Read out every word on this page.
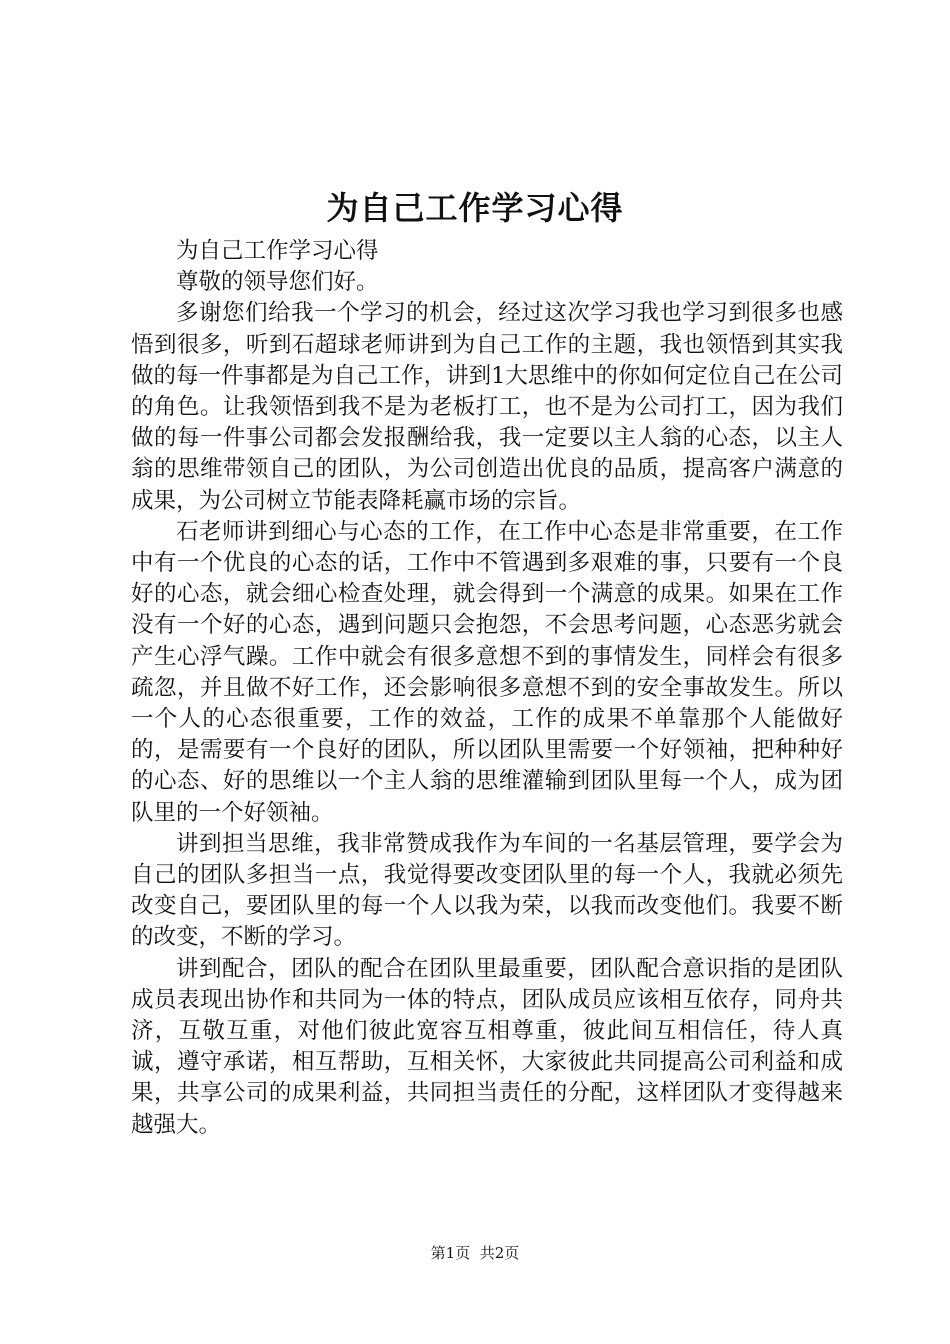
为自己工作学习心得

为自己工作学习心得

尊敬的领导您们好。

多谢您们给我一个学习的机会，经过这次学习我也学习到很多也感悟到很多，听到石超球老师讲到为自己工作的主题，我也领悟到其实我做的每一件事都是为自己工作，讲到1大思维中的你如何定位自己在公司的角色。让我领悟到我不是为老板打工，也不是为公司打工，因为我们做的每一件事公司都会发报酬给我，我一定要以主人翁的心态，以主人翁的思维带领自己的团队，为公司创造出优良的品质，提高客户满意的成果，为公司树立节能表降耗赢市场的宗旨。

石老师讲到细心与心态的工作，在工作中心态是非常重要，在工作中有一个优良的心态的话，工作中不管遇到多艰难的事，只要有一个良好的心态，就会细心检查处理，就会得到一个满意的成果。如果在工作没有一个好的心态，遇到问题只会抱怨，不会思考问题，心态恶劣就会产生心浮气躁。工作中就会有很多意想不到的事情发生，同样会有很多疏忽，并且做不好工作，还会影响很多意想不到的安全事故发生。所以一个人的心态很重要，工作的效益，工作的成果不单靠那个人能做好的，是需要有一个良好的团队，所以团队里需要一个好领袖，把种种好的心态、好的思维以一个主人翁的思维灌输到团队里每一个人，成为团队里的一个好领袖。

讲到担当思维，我非常赞成我作为车间的一名基层管理，要学会为自己的团队多担当一点，我觉得要改变团队里的每一个人，我就必须先改变自己，要团队里的每一个人以我为荣，以我而改变他们。我要不断的改变，不断的学习。

讲到配合，团队的配合在团队里最重要，团队配合意识指的是团队成员表现出协作和共同为一体的特点，团队成员应该相互依存，同舟共济，互敬互重，对他们彼此宽容互相尊重，彼此间互相信任，待人真诚，遵守承诺，相互帮助，互相关怀，大家彼此共同提高公司利益和成果，共享公司的成果利益，共同担当责任的分配，这样团队才变得越来越强大。

第1页 共2页
